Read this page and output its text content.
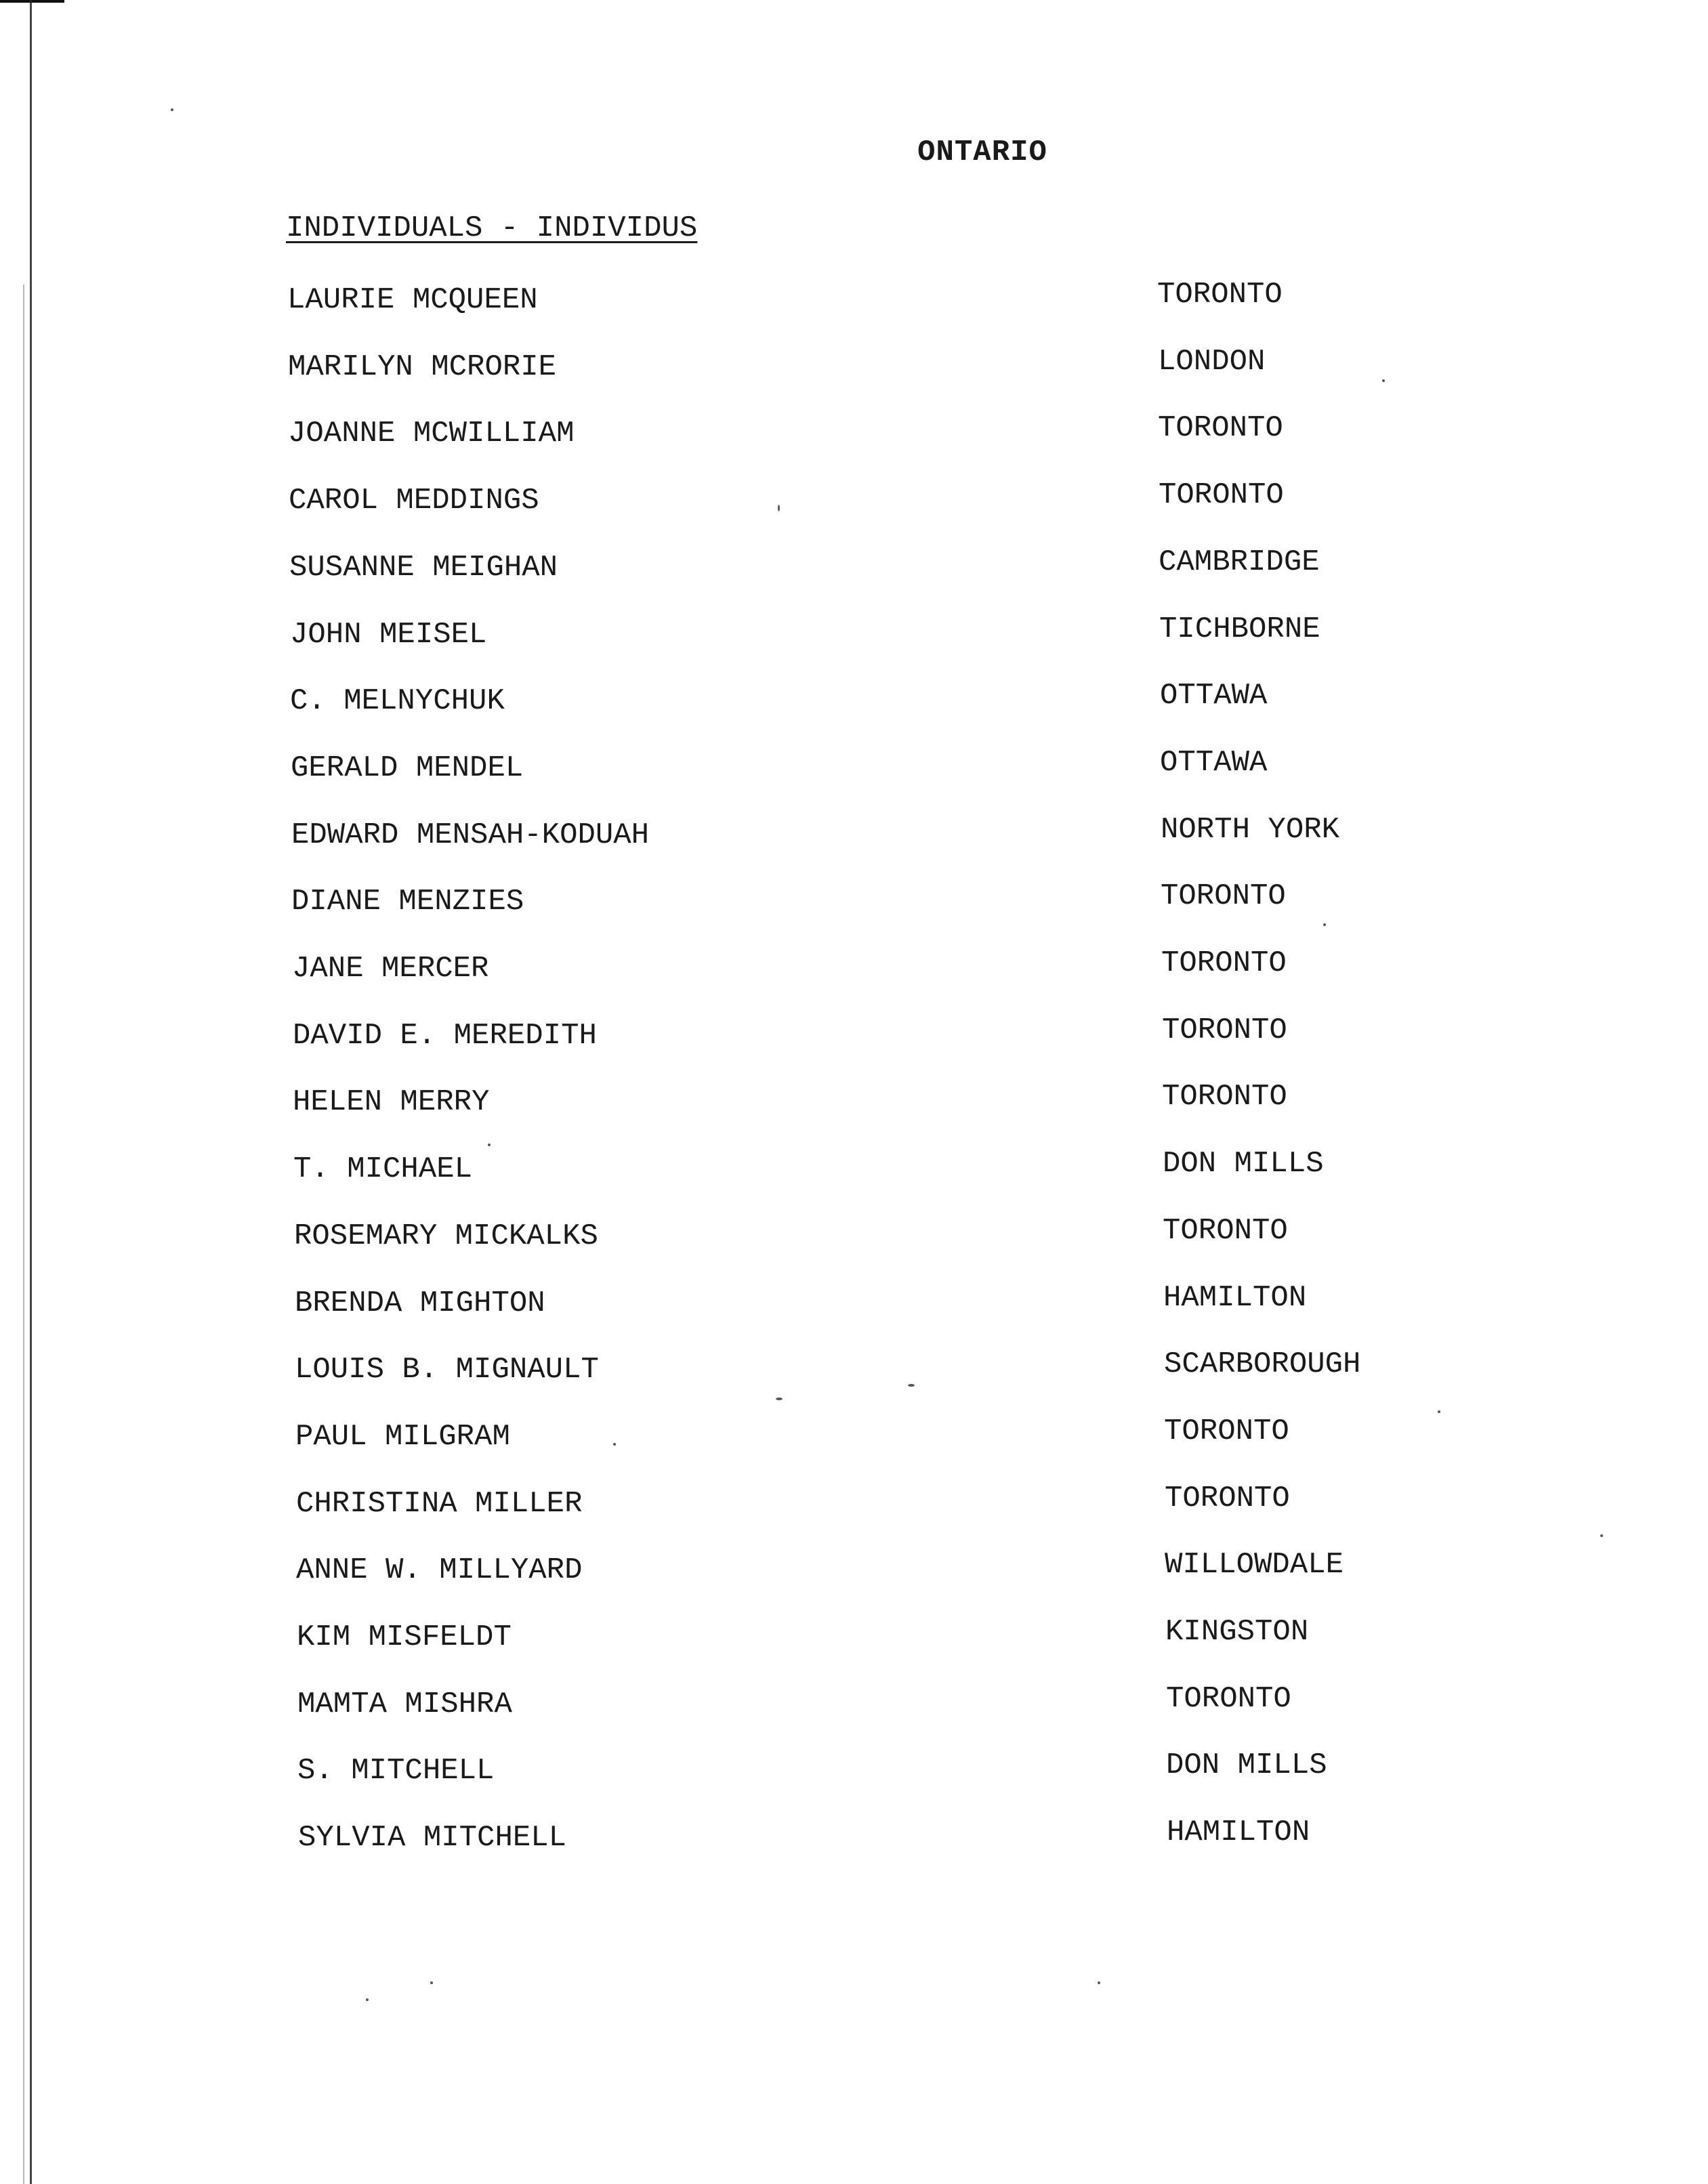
ONTARIO
INDIVIDUALS - INDIVIDUS
LAURIE MCQUEEN	TORONTO
MARILYN MCRORIE	LONDON
JOANNE MCWILLIAM	TORONTO
CAROL MEDDINGS	TORONTO
SUSANNE MEIGHAN	CAMBRIDGE
JOHN MEISEL	TICHBORNE
C. MELNYCHUK	OTTAWA
GERALD MENDEL	OTTAWA
EDWARD MENSAH-KODUAH	NORTH YORK
DIANE MENZIES	TORONTO
JANE MERCER	TORONTO
DAVID E. MEREDITH	TORONTO
HELEN MERRY	TORONTO
T. MICHAEL	DON MILLS
ROSEMARY MICKALKS	TORONTO
BRENDA MIGHTON	HAMILTON
LOUIS B. MIGNAULT	SCARBOROUGH
PAUL MILGRAM	TORONTO
CHRISTINA MILLER	TORONTO
ANNE W. MILLYARD	WILLOWDALE
KIM MISFELDT	KINGSTON
MAMTA MISHRA	TORONTO
S. MITCHELL	DON MILLS
SYLVIA MITCHELL	HAMILTON
